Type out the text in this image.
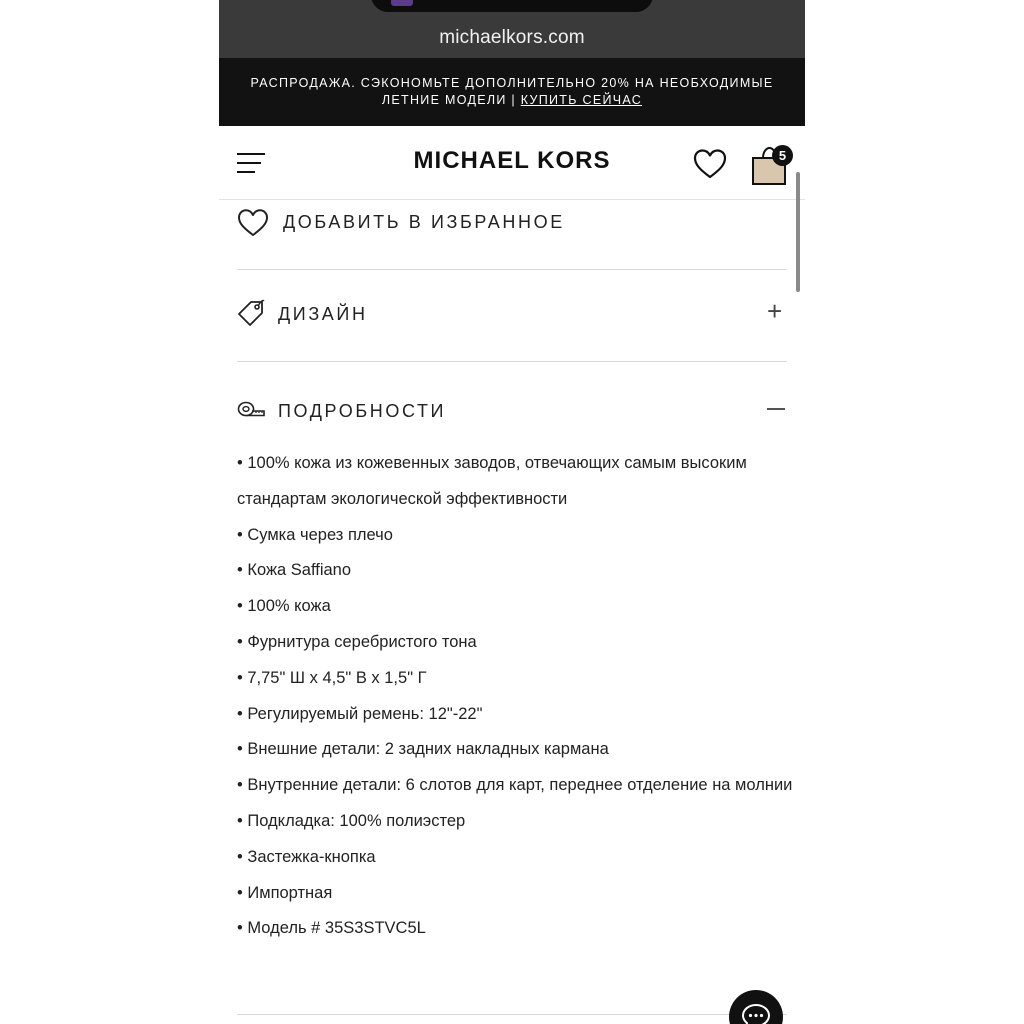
michaelkors.com
РАСПРОДАЖА. СЭКОНОМЬТЕ ДОПОЛНИТЕЛЬНО 20% НА НЕОБХОДИМЫЕ ЛЕТНИЕ МОДЕЛИ | КУПИТЬ СЕЙЧАС
MICHAEL KORS	5
ДОБАВИТЬ В ИЗБРАННОЕ
ДИЗАЙН	+
ПОДРОБНОСТИ
• 100% кожа из кожевенных заводов, отвечающих самым высоким стандартам экологической эффективности
• Сумка через плечо
• Кожа Saffiano
• 100% кожа
• Фурнитура серебристого тона
• 7,75" Ш x 4,5" В x 1,5" Г
• Регулируемый ремень: 12"-22"
• Внешние детали: 2 задних накладных кармана
• Внутренние детали: 6 слотов для карт, переднее отделение на молнии
• Подкладка: 100% полиэстер
• Застежка-кнопка
• Импортная
• Модель # 35S3STVC5L
